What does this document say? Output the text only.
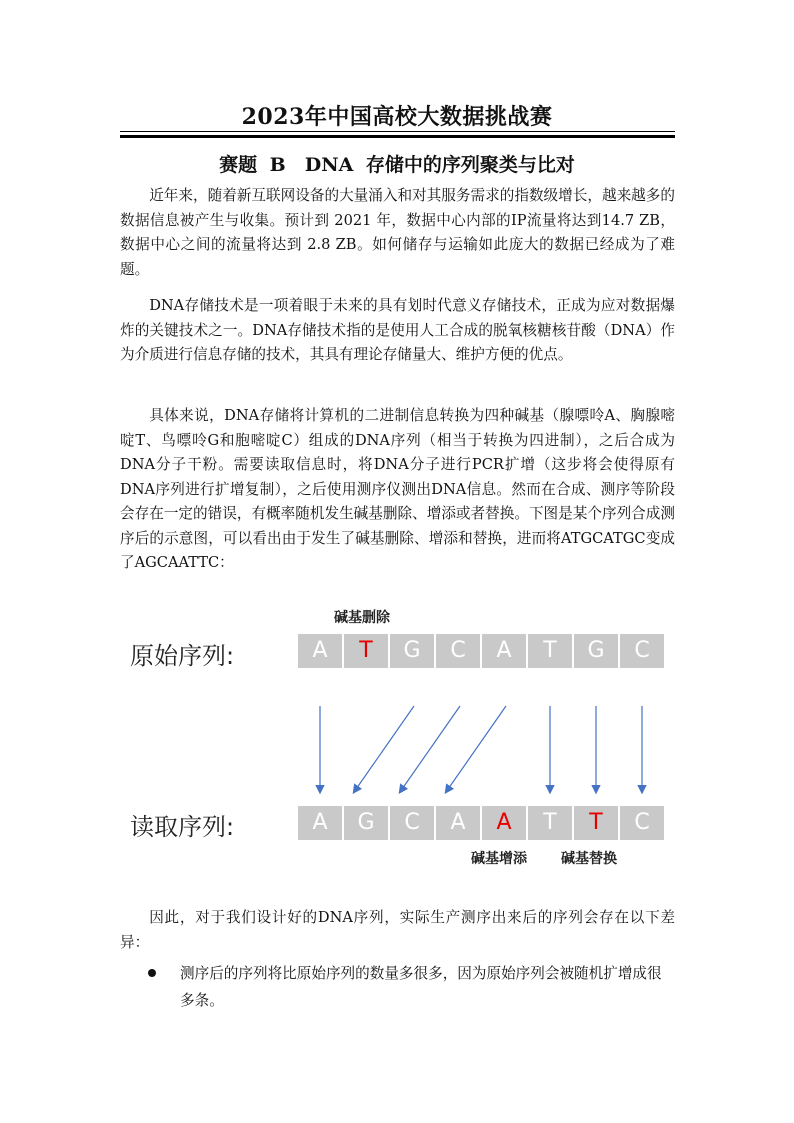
2023年中国高校大数据挑战赛
赛题 B　DNA 存储中的序列聚类与比对

近年来，随着新互联网设备的大量涌入和对其服务需求的指数级增长，越来越多的数据信息被产生与收集。预计到 2021 年，数据中心内部的IP流量将达到14.7 ZB，数据中心之间的流量将达到 2.8 ZB。如何储存与运输如此庞大的数据已经成为了难题。

DNA存储技术是一项着眼于未来的具有划时代意义存储技术，正成为应对数据爆炸的关键技术之一。DNA存储技术指的是使用人工合成的脱氧核糖核苷酸（DNA）作为介质进行信息存储的技术，其具有理论存储量大、维护方便的优点。

具体来说，DNA存储将计算机的二进制信息转换为四种碱基（腺嘌呤A、胸腺嘧啶T、鸟嘌呤G和胞嘧啶C）组成的DNA序列（相当于转换为四进制），之后合成为DNA分子干粉。需要读取信息时，将DNA分子进行PCR扩增（这步将会使得原有DNA序列进行扩增复制），之后使用测序仪测出DNA信息。然而在合成、测序等阶段会存在一定的错误，有概率随机发生碱基删除、增添或者替换。下图是某个序列合成测序后的示意图，可以看出由于发生了碱基删除、增添和替换，进而将ATGCATGC变成了AGCAATTC：

碱基删除
原始序列:	A	T	G	C	A	T	G	C
读取序列:	A	G	C	A	A	T	T	C
碱基增添 碱基替换

因此，对于我们设计好的DNA序列，实际生产测序出来后的序列会存在以下差异：

测序后的序列将比原始序列的数量多很多，因为原始序列会被随机扩增成很多条。
